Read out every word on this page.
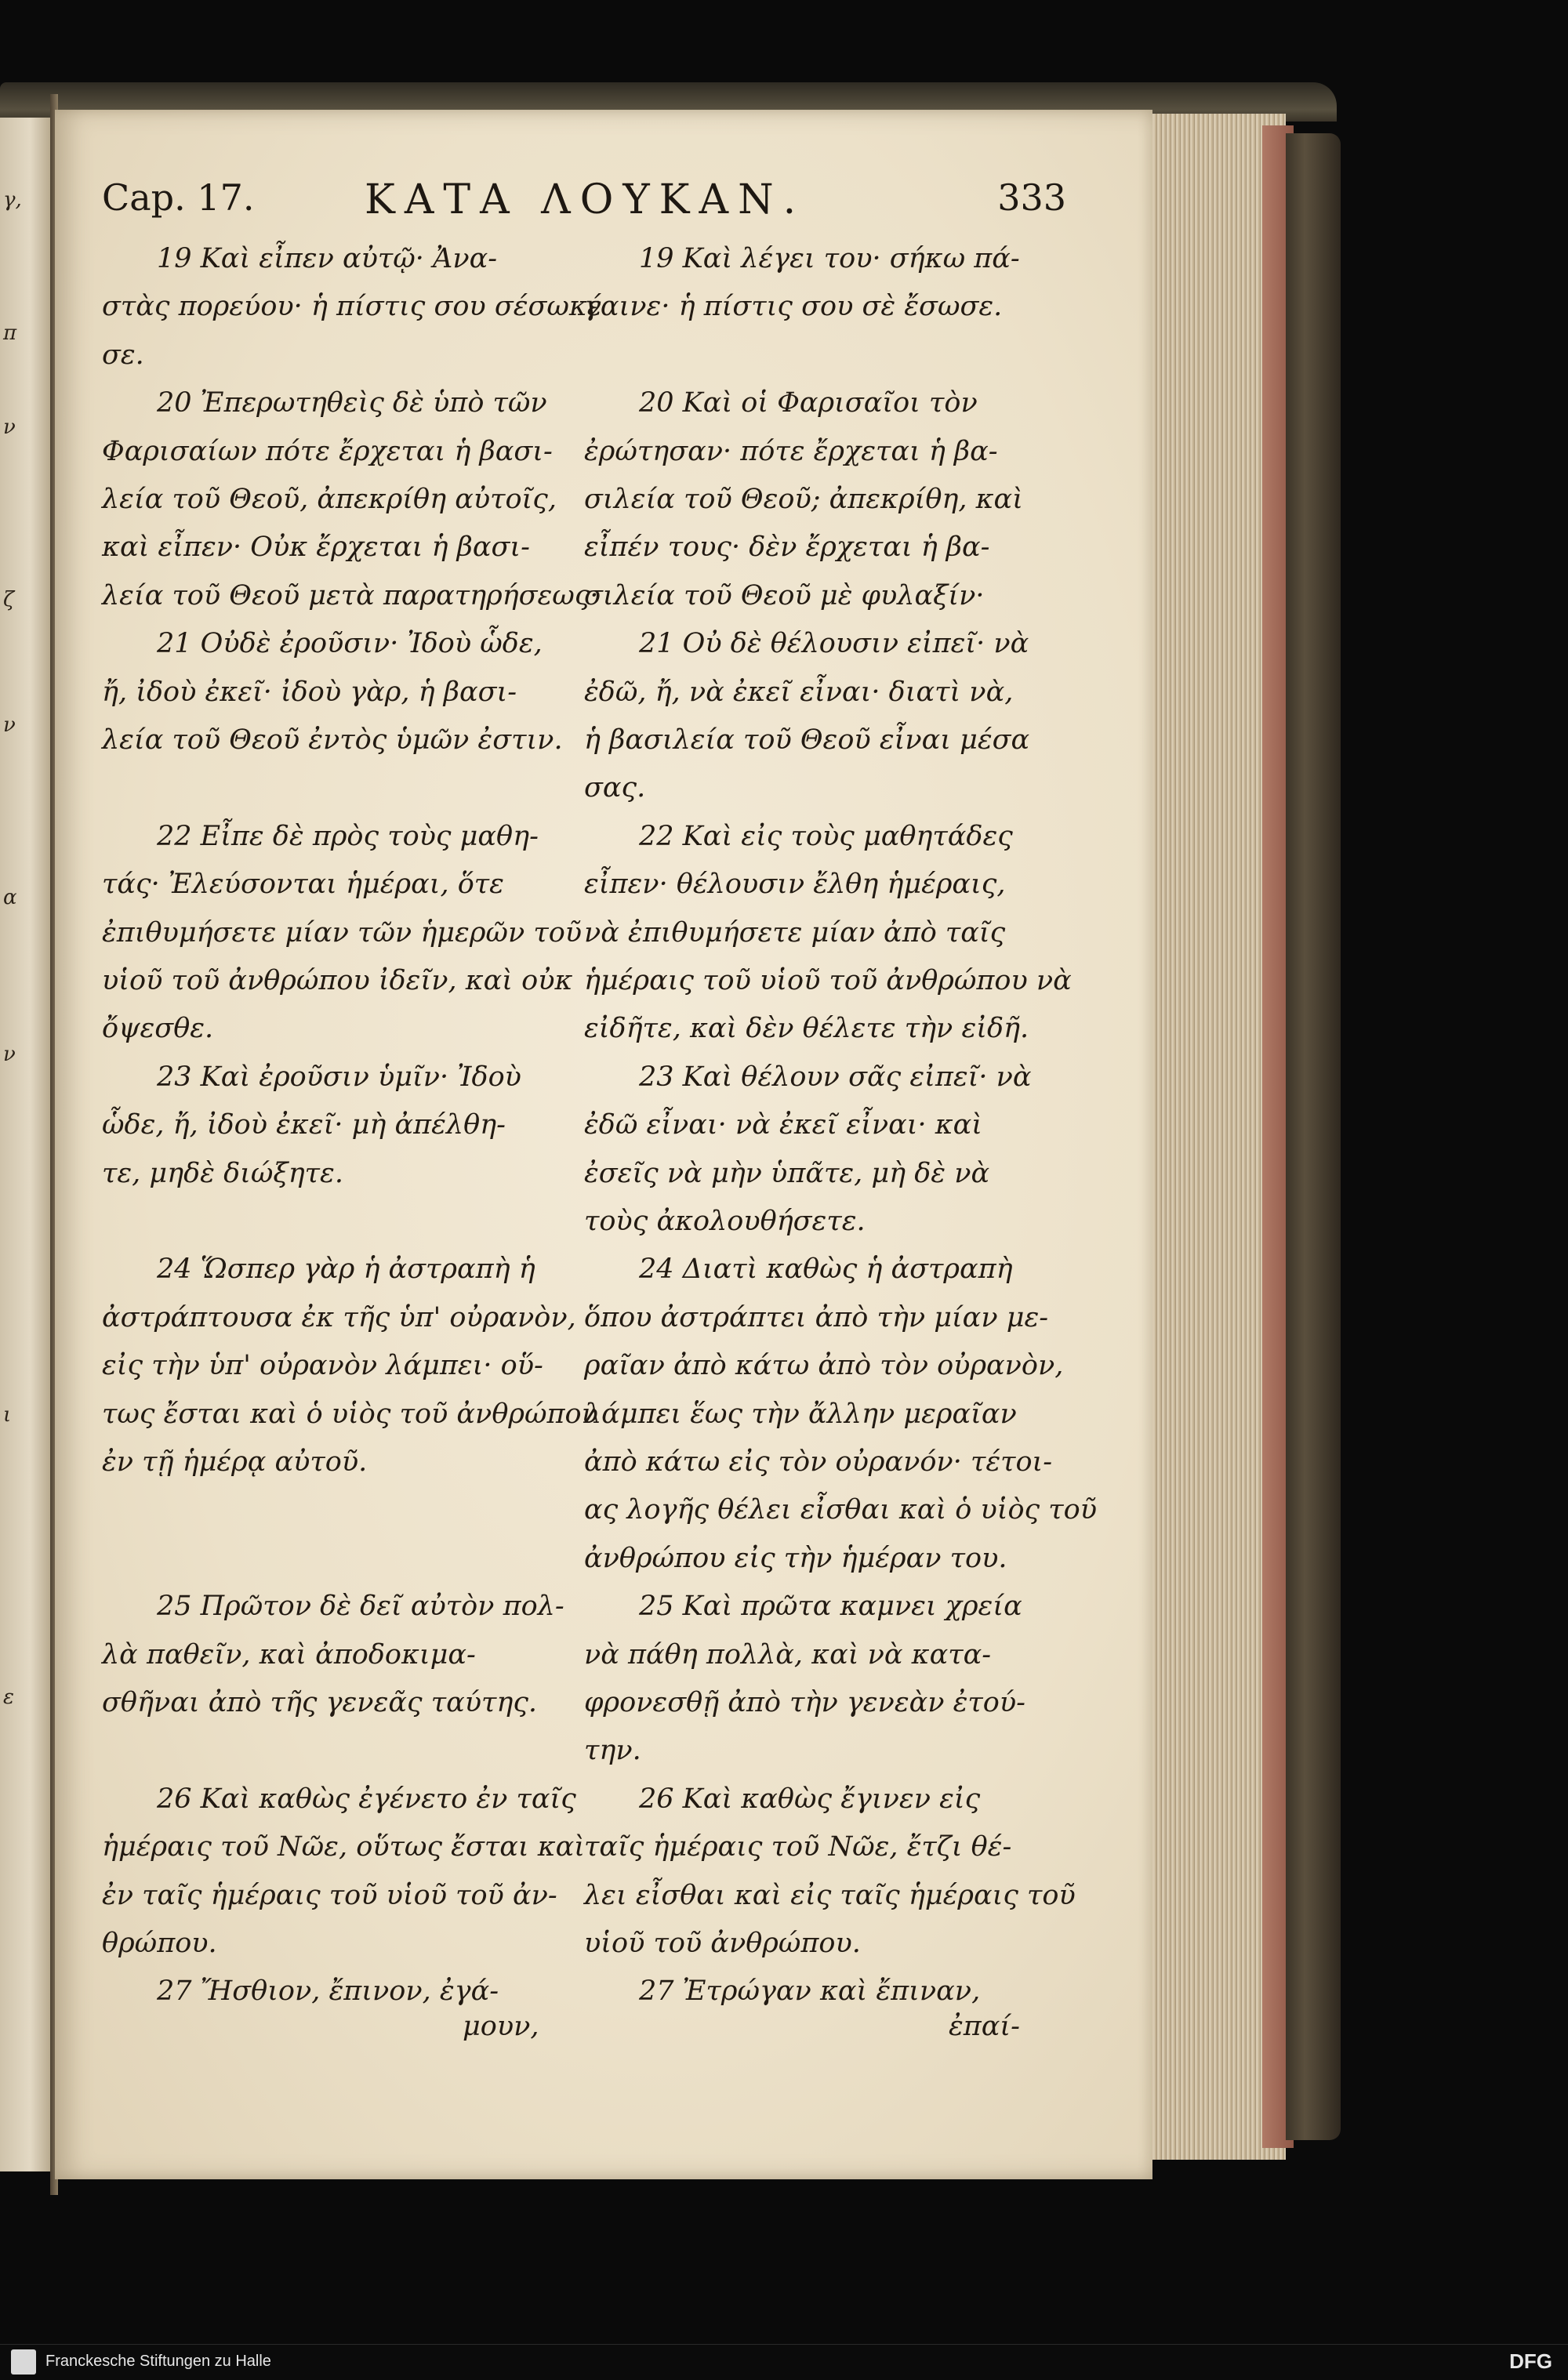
γ,
π
ν
ζ
ν
α
ν
ι
ε
Cap. 17.	ΚΑΤΑ ΛΟΥΚΑΝ.	333
19 Καὶ εἶπεν αὐτῷ· Ἀνα-
στὰς πορεύου· ἡ πίστις σου σέσωκέ
σε.
20 Ἐπερωτηθεὶς δὲ ὑπὸ τῶν
Φαρισαίων πότε ἔρχεται ἡ βασι-
λεία τοῦ Θεοῦ, ἀπεκρίθη αὐτοῖς,
καὶ εἶπεν· Οὐκ ἔρχεται ἡ βασι-
λεία τοῦ Θεοῦ μετὰ παρατηρήσεως·
21 Οὐδὲ ἐροῦσιν· Ἰδοὺ ὧδε,
ἤ, ἰδοὺ ἐκεῖ· ἰδοὺ γὰρ, ἡ βασι-
λεία τοῦ Θεοῦ ἐντὸς ὑμῶν ἐστιν.
22 Εἶπε δὲ πρὸς τοὺς μαθη-
τάς· Ἐλεύσονται ἡμέραι, ὅτε
ἐπιθυμήσετε μίαν τῶν ἡμερῶν τοῦ
υἱοῦ τοῦ ἀνθρώπου ἰδεῖν, καὶ οὐκ
ὄψεσθε.
23 Καὶ ἐροῦσιν ὑμῖν· Ἰδοὺ
ὧδε, ἤ, ἰδοὺ ἐκεῖ· μὴ ἀπέλθη-
τε, μηδὲ διώξητε.
24 Ὥσπερ γὰρ ἡ ἀστραπὴ ἡ
ἀστράπτουσα ἐκ τῆς ὑπ' οὐρανὸν,
εἰς τὴν ὑπ' οὐρανὸν λάμπει· οὕ-
τως ἔσται καὶ ὁ υἱὸς τοῦ ἀνθρώπου
ἐν τῇ ἡμέρᾳ αὐτοῦ.
25 Πρῶτον δὲ δεῖ αὐτὸν πολ-
λὰ παθεῖν, καὶ ἀποδοκιμα-
σθῆναι ἀπὸ τῆς γενεᾶς ταύτης.
26 Καὶ καθὼς ἐγένετο ἐν ταῖς
ἡμέραις τοῦ Νῶε, οὕτως ἔσται καὶ
ἐν ταῖς ἡμέραις τοῦ υἱοῦ τοῦ ἀν-
θρώπου.
27 Ἤσθιον, ἔπινον, ἐγά-
19 Καὶ λέγει του· σήκω πά-
γαινε· ἡ πίστις σου σὲ ἔσωσε.
20 Καὶ οἱ Φαρισαῖοι τὸν
ἐρώτησαν· πότε ἔρχεται ἡ βα-
σιλεία τοῦ Θεοῦ; ἀπεκρίθη, καὶ
εἶπέν τους· δὲν ἔρχεται ἡ βα-
σιλεία τοῦ Θεοῦ μὲ φυλαξίν·
21 Οὐ δὲ θέλουσιν εἰπεῖ· νὰ
ἐδῶ, ἤ, νὰ ἐκεῖ εἶναι· διατὶ νὰ,
ἡ βασιλεία τοῦ Θεοῦ εἶναι μέσα
σας.
22 Καὶ εἰς τοὺς μαθητάδες
εἶπεν· θέλουσιν ἔλθη ἡμέραις,
νὰ ἐπιθυμήσετε μίαν ἀπὸ ταῖς
ἡμέραις τοῦ υἱοῦ τοῦ ἀνθρώπου νὰ
εἰδῆτε, καὶ δὲν θέλετε τὴν εἰδῆ.
23 Καὶ θέλουν σᾶς εἰπεῖ· νὰ
ἐδῶ εἶναι· νὰ ἐκεῖ εἶναι· καὶ
ἐσεῖς νὰ μὴν ὑπᾶτε, μὴ δὲ νὰ
τοὺς ἀκολουθήσετε.
24 Διατὶ καθὼς ἡ ἀστραπὴ
ὅπου ἀστράπτει ἀπὸ τὴν μίαν με-
ραῖαν ἀπὸ κάτω ἀπὸ τὸν οὐρανὸν,
λάμπει ἕως τὴν ἄλλην μεραῖαν
ἀπὸ κάτω εἰς τὸν οὐρανόν· τέτοι-
ας λογῆς θέλει εἶσθαι καὶ ὁ υἱὸς τοῦ
ἀνθρώπου εἰς τὴν ἡμέραν του.
25 Καὶ πρῶτα καμνει χρεία
νὰ πάθη πολλὰ, καὶ νὰ κατα-
φρονεσθῇ ἀπὸ τὴν γενεὰν ἐτού-
την.
26 Καὶ καθὼς ἔγινεν εἰς
ταῖς ἡμέραις τοῦ Νῶε, ἔτζι θέ-
λει εἶσθαι καὶ εἰς ταῖς ἡμέραις τοῦ
υἱοῦ τοῦ ἀνθρώπου.
27 Ἐτρώγαν καὶ ἔπιναν,
μουν,	ἐπαί-
Franckesche Stiftungen zu Halle	DFG
